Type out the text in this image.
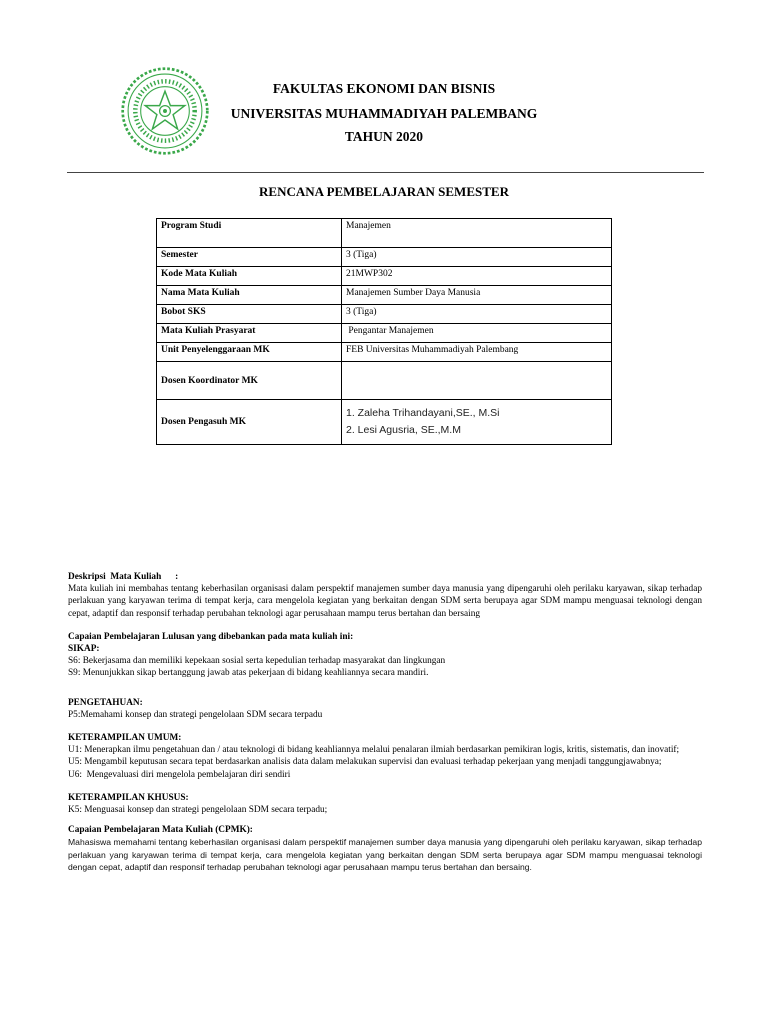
FAKULTAS EKONOMI DAN BISNIS
UNIVERSITAS MUHAMMADIYAH PALEMBANG
TAHUN 2020
RENCANA PEMBELAJARAN SEMESTER
Program Studi	Manajemen
Semester	3 (Tiga)
Kode Mata Kuliah	21MWP302
Nama Mata Kuliah	Manajemen Sumber Daya Manusia
Bobot SKS	3 (Tiga)
Mata Kuliah Prasyarat	Pengantar Manajemen
Unit Penyelenggaraan MK	FEB Universitas Muhammadiyah Palembang
Dosen Koordinator MK	
Dosen Pengasuh MK	1. Zaleha Trihandayani,SE., M.Si
2. Lesi Agusria, SE.,M.M

Deskripsi  Mata Kuliah      :

Mata kuliah ini membahas tentang keberhasilan organisasi dalam perspektif manajemen sumber daya manusia yang dipengaruhi oleh perilaku karyawan, sikap terhadap perlakuan yang karyawan terima di tempat kerja, cara mengelola kegiatan yang berkaitan dengan SDM serta berupaya agar SDM mampu menguasai teknologi dengan cepat, adaptif dan responsif terhadap perubahan teknologi agar perusahaan mampu terus bertahan dan bersaing

Capaian Pembelajaran Lulusan yang dibebankan pada mata kuliah ini:

SIKAP:

S6: Bekerjasama dan memiliki kepekaan sosial serta kepedulian terhadap masyarakat dan lingkungan

S9: Menunjukkan sikap bertanggung jawab atas pekerjaan di bidang keahliannya secara mandiri.

PENGETAHUAN:

P5:Memahami konsep dan strategi pengelolaan SDM secara terpadu

KETERAMPILAN UMUM:

U1: Menerapkan ilmu pengetahuan dan / atau teknologi di bidang keahliannya melalui penalaran ilmiah berdasarkan pemikiran logis, kritis, sistematis, dan inovatif;

U5: Mengambil keputusan secara tepat berdasarkan analisis data dalam melakukan supervisi dan evaluasi terhadap pekerjaan yang menjadi tanggungjawabnya;

U6:  Mengevaluasi diri mengelola pembelajaran diri sendiri

KETERAMPILAN KHUSUS:

K5: Menguasai konsep dan strategi pengelolaan SDM secara terpadu;

Capaian Pembelajaran Mata Kuliah (CPMK):

Mahasiswa memahami tentang keberhasilan organisasi dalam perspektif manajemen sumber daya manusia yang dipengaruhi oleh perilaku karyawan, sikap terhadap perlakuan yang karyawan terima di tempat kerja, cara mengelola kegiatan yang berkaitan dengan SDM serta berupaya agar SDM mampu menguasai teknologi dengan cepat, adaptif dan responsif terhadap perubahan teknologi agar perusahaan mampu terus bertahan dan bersaing.
